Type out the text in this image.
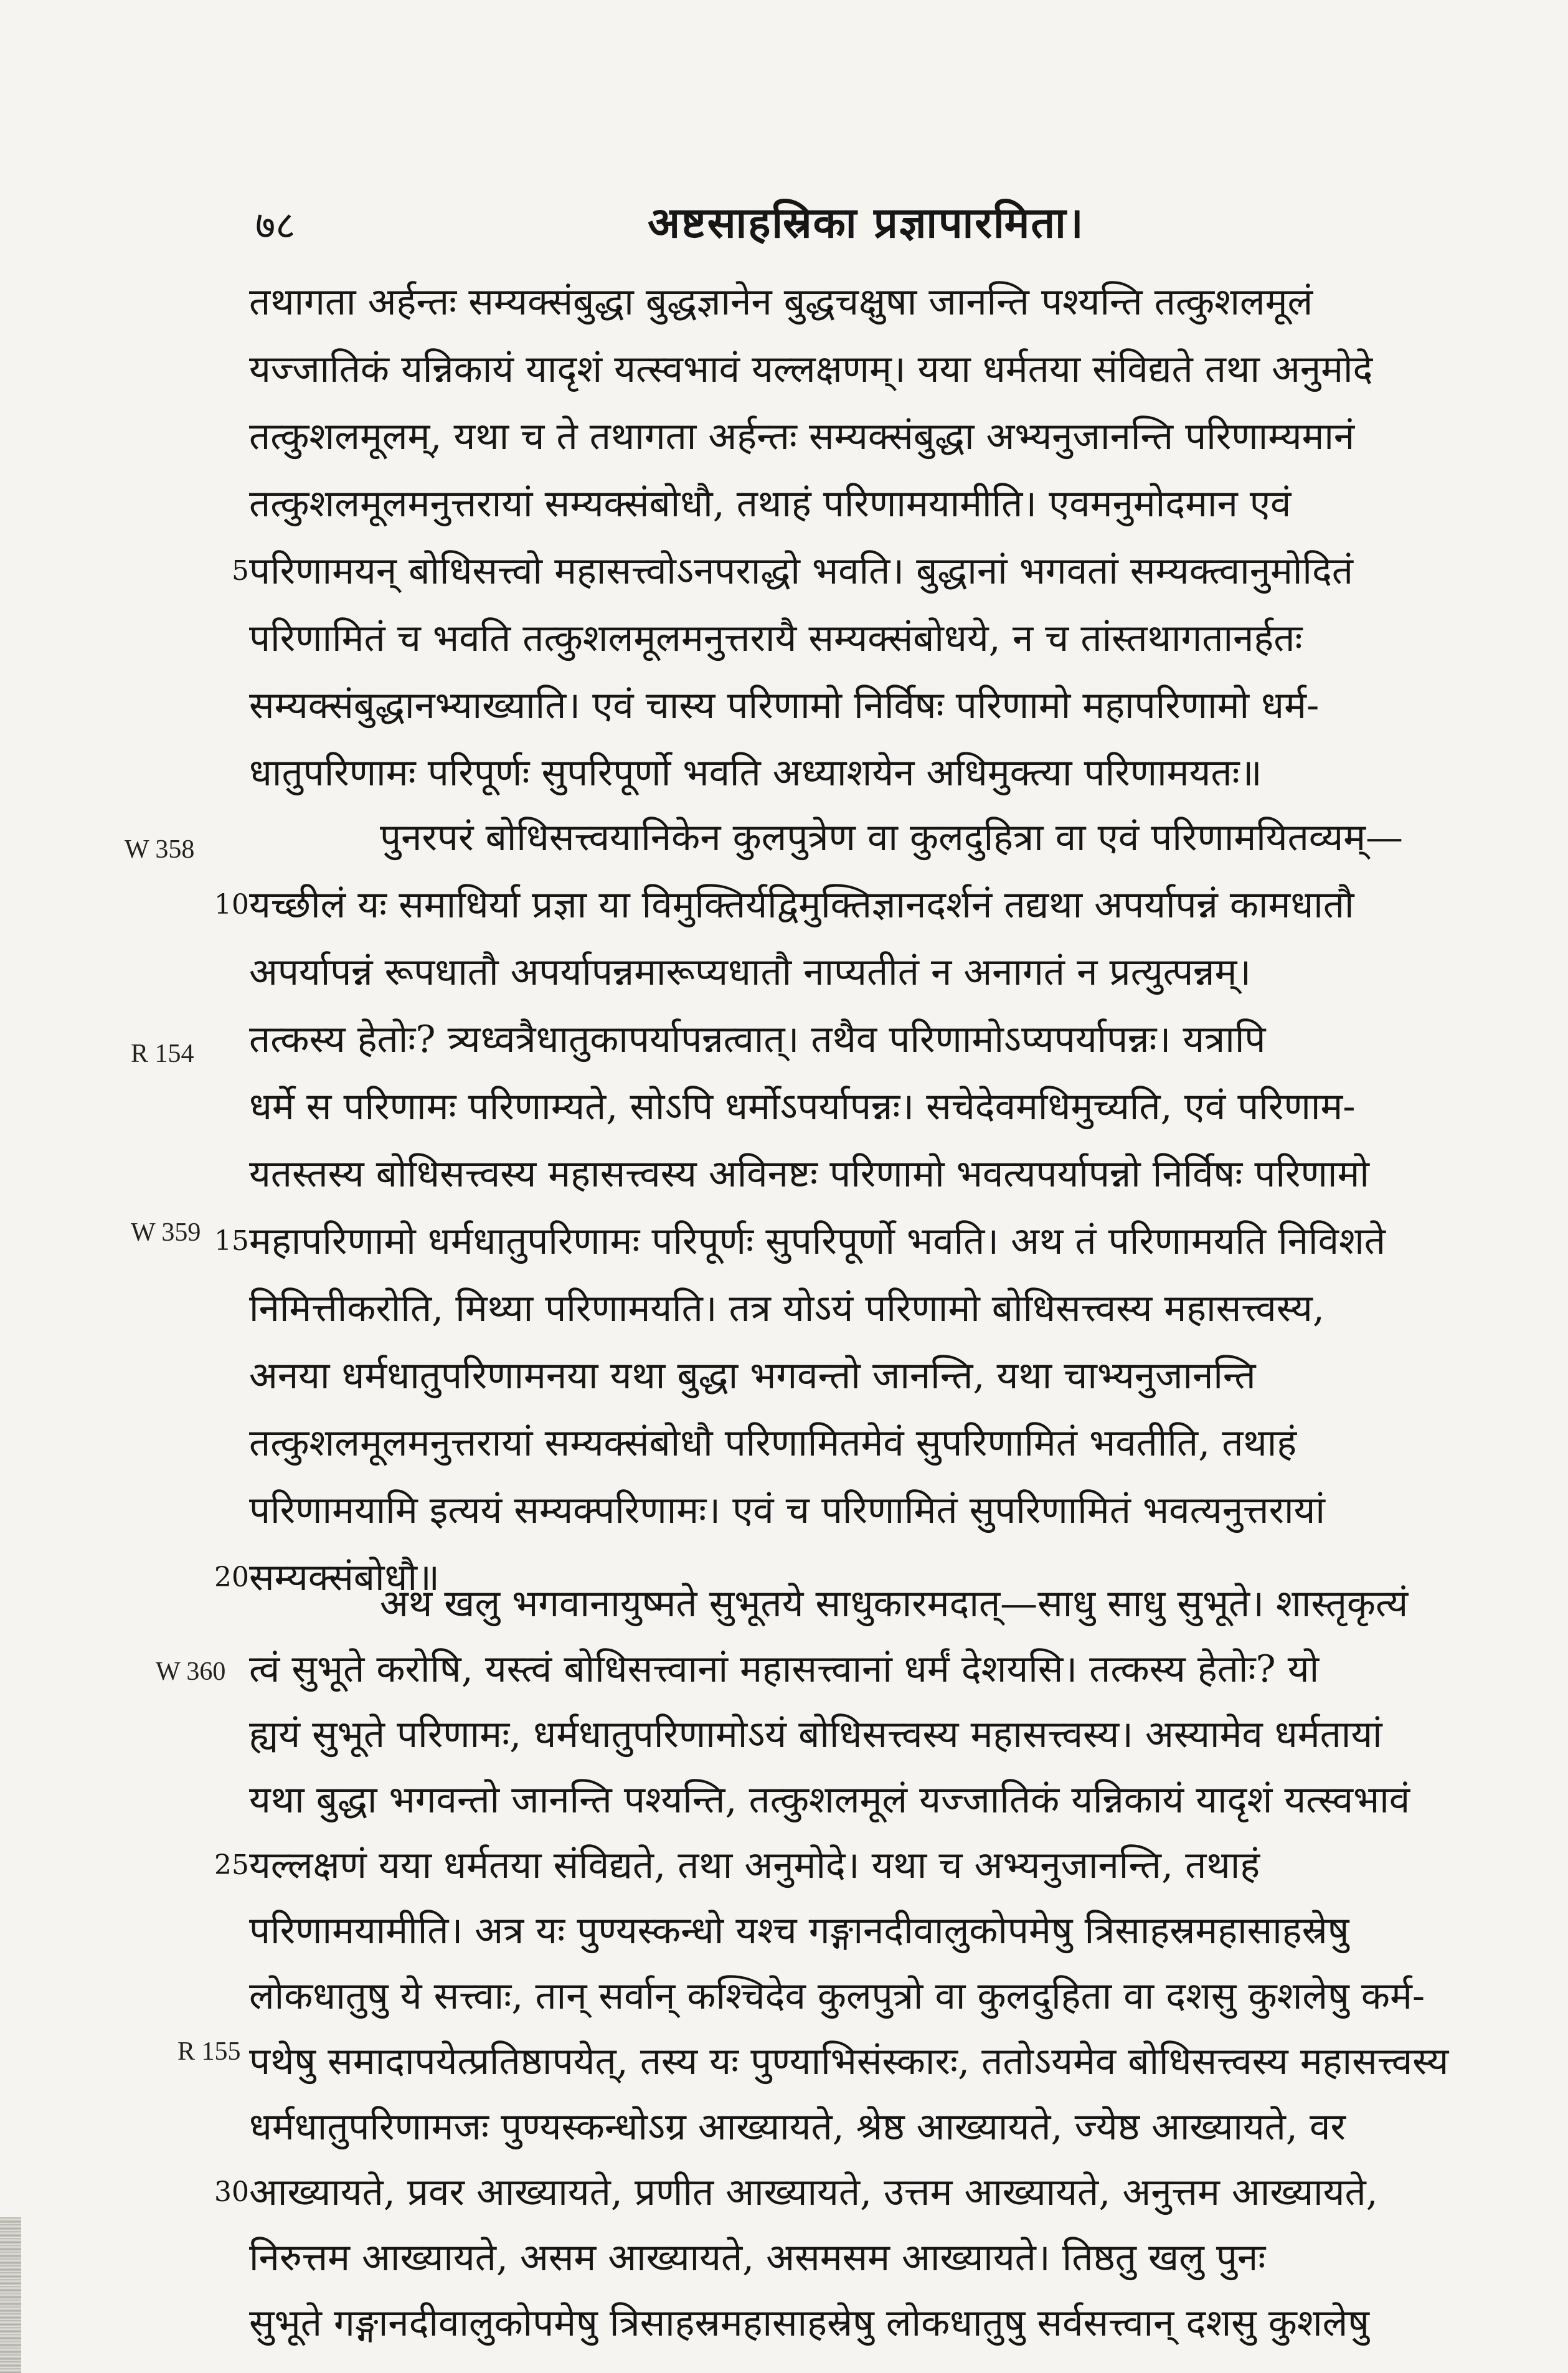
७८	अष्टसाहस्रिका प्रज्ञापारमिता।
W 358
R 154
W 359
W 360
R 155
तथागता अर्हन्तः सम्यक्संबुद्धा बुद्धज्ञानेन बुद्धचक्षुषा जानन्ति पश्यन्ति तत्कुशलमूलं
यज्जातिकं यन्निकायं यादृशं यत्स्वभावं यल्लक्षणम्। यया धर्मतया संविद्यते तथा अनुमोदे
तत्कुशलमूलम्, यथा च ते तथागता अर्हन्तः सम्यक्संबुद्धा अभ्यनुजानन्ति परिणाम्यमानं
तत्कुशलमूलमनुत्तरायां सम्यक्संबोधौ, तथाहं परिणामयामीति। एवमनुमोदमान एवं
5 परिणामयन् बोधिसत्त्वो महासत्त्वोऽनपराद्धो भवति। बुद्धानां भगवतां सम्यक्त्वानुमोदितं
परिणामितं च भवति तत्कुशलमूलमनुत्तरायै सम्यक्संबोधये, न च तांस्तथागतानर्हतः
सम्यक्संबुद्धानभ्याख्याति। एवं चास्य परिणामो निर्विषः परिणामो महापरिणामो धर्म-
धातुपरिणामः परिपूर्णः सुपरिपूर्णो भवति अध्याशयेन अधिमुक्त्या परिणामयतः॥
पुनरपरं बोधिसत्त्वयानिकेन कुलपुत्रेण वा कुलदुहित्रा वा एवं परिणामयितव्यम्—
10 यच्छीलं यः समाधिर्या प्रज्ञा या विमुक्तिर्यद्विमुक्तिज्ञानदर्शनं तद्यथा अपर्यापन्नं कामधातौ
अपर्यापन्नं रूपधातौ अपर्यापन्नमारूप्यधातौ नाप्यतीतं न अनागतं न प्रत्युत्पन्नम्।
तत्कस्य हेतोः? त्र्यध्वत्रैधातुकापर्यापन्नत्वात्। तथैव परिणामोऽप्यपर्यापन्नः। यत्रापि
धर्मे स परिणामः परिणाम्यते, सोऽपि धर्मोऽपर्यापन्नः। सचेदेवमधिमुच्यति, एवं परिणाम-
यतस्तस्य बोधिसत्त्वस्य महासत्त्वस्य अविनष्टः परिणामो भवत्यपर्यापन्नो निर्विषः परिणामो
15 महापरिणामो धर्मधातुपरिणामः परिपूर्णः सुपरिपूर्णो भवति। अथ तं परिणामयति निविशते
निमित्तीकरोति, मिथ्या परिणामयति। तत्र योऽयं परिणामो बोधिसत्त्वस्य महासत्त्वस्य,
अनया धर्मधातुपरिणामनया यथा बुद्धा भगवन्तो जानन्ति, यथा चाभ्यनुजानन्ति
तत्कुशलमूलमनुत्तरायां सम्यक्संबोधौ परिणामितमेवं सुपरिणामितं भवतीति, तथाहं
परिणामयामि इत्ययं सम्यक्परिणामः। एवं च परिणामितं सुपरिणामितं भवत्यनुत्तरायां
20 सम्यक्संबोधौ॥
अथ खलु भगवानायुष्मते सुभूतये साधुकारमदात्—साधु साधु सुभूते। शास्तृकृत्यं
त्वं सुभूते करोषि, यस्त्वं बोधिसत्त्वानां महासत्त्वानां धर्मं देशयसि। तत्कस्य हेतोः? यो
ह्ययं सुभूते परिणामः, धर्मधातुपरिणामोऽयं बोधिसत्त्वस्य महासत्त्वस्य। अस्यामेव धर्मतायां
यथा बुद्धा भगवन्तो जानन्ति पश्यन्ति, तत्कुशलमूलं यज्जातिकं यन्निकायं यादृशं यत्स्वभावं
25 यल्लक्षणं यया धर्मतया संविद्यते, तथा अनुमोदे। यथा च अभ्यनुजानन्ति, तथाहं
परिणामयामीति। अत्र यः पुण्यस्कन्धो यश्च गङ्गानदीवालुकोपमेषु त्रिसाहस्रमहासाहस्रेषु
लोकधातुषु ये सत्त्वाः, तान् सर्वान् कश्चिदेव कुलपुत्रो वा कुलदुहिता वा दशसु कुशलेषु कर्म-
पथेषु समादापयेत्प्रतिष्ठापयेत्, तस्य यः पुण्याभिसंस्कारः, ततोऽयमेव बोधिसत्त्वस्य महासत्त्वस्य
धर्मधातुपरिणामजः पुण्यस्कन्धोऽग्र आख्यायते, श्रेष्ठ आख्यायते, ज्येष्ठ आख्यायते, वर
30 आख्यायते, प्रवर आख्यायते, प्रणीत आख्यायते, उत्तम आख्यायते, अनुत्तम आख्यायते,
निरुत्तम आख्यायते, असम आख्यायते, असमसम आख्यायते। तिष्ठतु खलु पुनः
सुभूते गङ्गानदीवालुकोपमेषु त्रिसाहस्रमहासाहस्रेषु लोकधातुषु सर्वसत्त्वान् दशसु कुशलेषु
